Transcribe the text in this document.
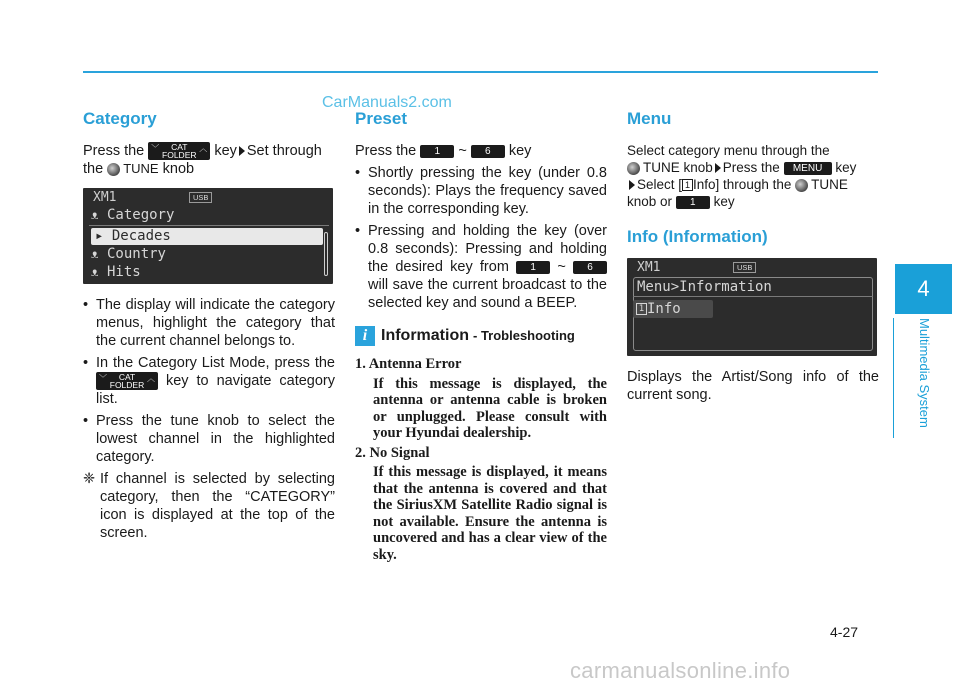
CarManuals2.com
Category
Press the ﹀	CAT
FOLDER
︿ key Set through
the TUNE knob
XM1	USB
ᴥ Category
▸ Decades
ᴥ Country
ᴥ Hits
• The display will indicate the category menus, highlight the category that the current channel belongs to.
• In the Category List Mode, press the
﹀	CAT
FOLDER
︿ key to navigate category list.
• Press the tune knob to select the lowest channel in the highlighted category.
❈ If channel is selected by selecting category, then the “CATEGORY” icon is displayed at the top of the screen.
Preset
Press the 1 ~ 6 key
• Shortly pressing the key (under 0.8 seconds): Plays the frequency saved in the corresponding key.
• Pressing and holding the key (over 0.8 seconds): Pressing and holding the desired key from 1 ~ 6 will save the current broadcast to the selected key and sound a BEEP.
i Information - Trobleshooting
1. Antenna Error
If this message is displayed, the antenna or antenna cable is broken or unplugged. Please consult with your Hyundai dealership.
2. No Signal
If this message is displayed, it means that the antenna is covered and that the SiriusXM Satellite Radio signal is not available. Ensure the antenna is uncovered and has a clear view of the sky.
Menu
Select category menu through the
TUNE knob Press the MENU key
Select [ 1 Info] through the TUNE
knob or 1 key
Info (Information)
XM1	USB
Menu>Information
1 Info
Displays the Artist/Song info of the current song.
4
Multimedia System
4-27
carmanualsonline.info
